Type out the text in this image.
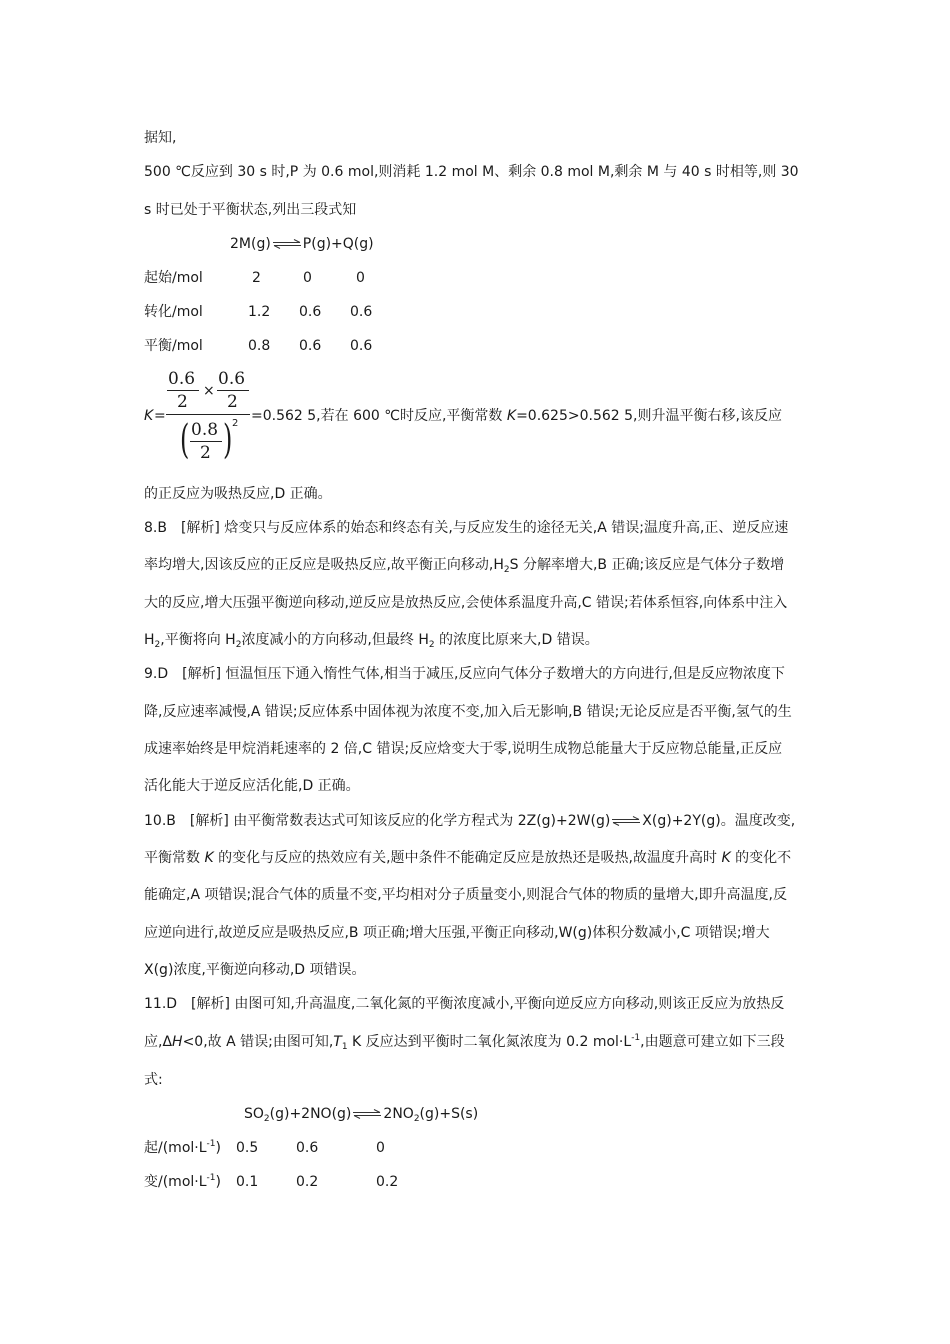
据知,
500 ℃反应到 30 s 时,P 为 0.6 mol,则消耗 1.2 mol M、剩余 0.8 mol M,剩余 M 与 40 s 时相等,则 30
s 时已处于平衡状态,列出三段式知
2M(g)⇌P(g)+Q(g)
起始/mol	2	0	0
转化/mol	1.2 0.6 0.6
平衡/mol	0.8 0.6 0.6
K =
0.6
2
×
0.6
2
( 0.8
2 ) 2 =0.562 5,若在 600 ℃时反应,平衡常数 K=0.625>0.562 5,则升温平衡右移,该反应
的正反应为吸热反应,D 正确。
8.B　[解析] 焓变只与反应体系的始态和终态有关,与反应发生的途径无关,A 错误;温度升高,正、逆反应速
率均增大,因该反应的正反应是吸热反应,故平衡正向移动$,H_2S$ 分解率增大,B 正确;该反应是气体分子数增
大的反应,增大压强平衡逆向移动,逆反应是放热反应,会使体系温度升高,C 错误;若体系恒容,向体系中注入
$H_2$,平衡将向 $H_2$浓度减小的方向移动,但最终 $H_2$ 的浓度比原来大,D 错误。
9.D　[解析] 恒温恒压下通入惰性气体,相当于减压,反应向气体分子数增大的方向进行,但是反应物浓度下
降,反应速率减慢,A 错误;反应体系中固体视为浓度不变,加入后无影响,B 错误;无论反应是否平衡,氢气的生
成速率始终是甲烷消耗速率的 2 倍,C 错误;反应焓变大于零,说明生成物总能量大于反应物总能量,正反应
活化能大于逆反应活化能,D 正确。
10.B　[解析] 由平衡常数表达式可知该反应的化学方程式为 2Z(g)+2W(g)⇌X(g)+2Y(g)。温度改变,
平衡常数 K 的变化与反应的热效应有关,题中条件不能确定反应是放热还是吸热,故温度升高时 K 的变化不
能确定,A 项错误;混合气体的质量不变,平均相对分子质量变小,则混合气体的物质的量增大,即升高温度,反
应逆向进行,故逆反应是吸热反应,B 项正确;增大压强,平衡正向移动,W(g)体积分数减小,C 项错误;增大
X(g)浓度,平衡逆向移动,D 项错误。
11.D　[解析] 由图可知,升高温度,二氧化氮的平衡浓度减小,平衡向逆反应方向移动,则该正反应为放热反
应,ΔH<0,故 A 错误;由图可知$,T_1$ K 反应达到平衡时二氧化氮浓度为 0.2 $mol\cdot L^{-1}$,由题意可建立如下三段
式:
$SO_2(g)+2NO(g)\rightleftharpoons 2NO_2(g)+S(s)$
起$/(mol\cdot L^{-1})$ 0.5	0.6	0
变$/(mol\cdot L^{-1})$ 0.1	0.2	0.2
